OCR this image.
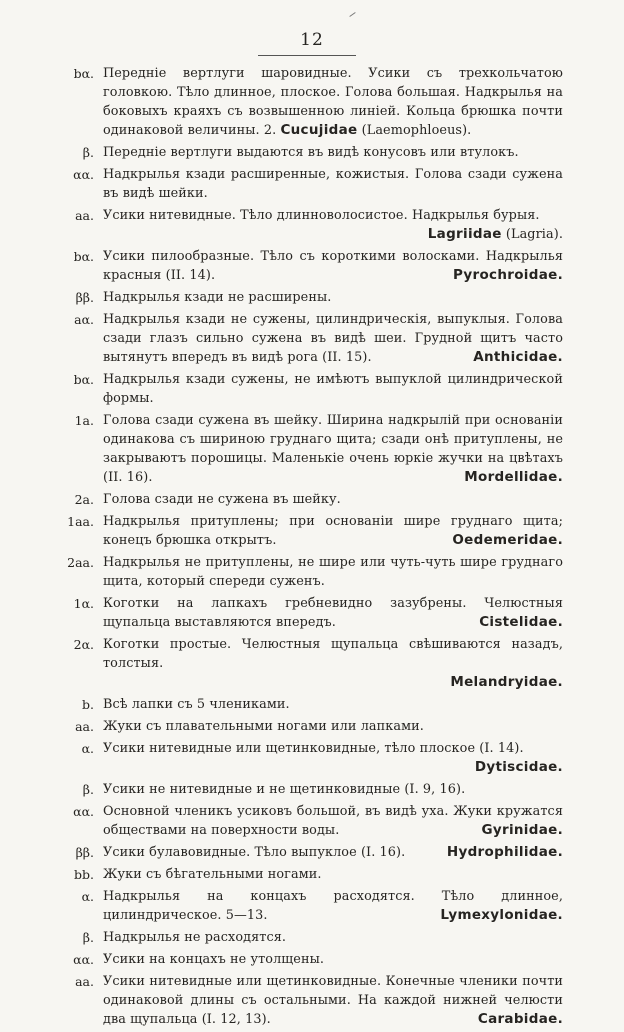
12
bα. Передніе вертлуги шаровидные. Усики съ трехкольчатою головкою. Тѣло длинное, плоское. Голова большая. Надкрылья на боковыхъ краяхъ съ возвышенною линіей. Кольца брюшка почти одинаковой величины. 2. Cucujidae (Laemophloeus).
β. Передніе вертлуги выдаются въ видѣ конусовъ или втулокъ.
αα. Надкрылья кзади расширенные, кожистыя. Голова сзади сужена въ видѣ шейки.
aa. Усики нитевидные. Тѣло длинноволосистое. Надкрылья бурыя.
Lagriidae (Lagria).
bα. Усики пилообразные. Тѣло съ короткими волосками. Надкрылья красныя (II. 14).	Pyrochroidae.
ββ. Надкрылья кзади не расширены.
aα. Надкрылья кзади не сужены, цилиндрическія, выпуклыя. Голова сзади глазъ сильно сужена въ видѣ шеи. Грудной щитъ часто вытянутъ впередъ въ видѣ рога (II. 15).	Anthicidae.
bα. Надкрылья кзади сужены, не имѣютъ выпуклой цилиндрической формы.
1a. Голова сзади сужена въ шейку. Ширина надкрылій при основаніи одинакова съ шириною груднаго щита; сзади онѣ притуплены, не закрываютъ порошицы. Маленькіе очень юркіе жучки на цвѣтахъ (II. 16).	Mordellidae.
2a. Голова сзади не сужена въ шейку.
1aa. Надкрылья притуплены; при основаніи шире груднаго щита; конецъ брюшка открытъ.	Oedemeridae.
2aa. Надкрылья не притуплены, не шире или чуть-чуть шире груднаго щита, который спереди суженъ.
1α. Коготки на лапкахъ гребневидно зазубрены. Челюстныя щупальца выставляются впередъ.	Cistelidae.
2α. Коготки простые. Челюстныя щупальца свѣшиваются назадъ, толстыя.
Melandryidae.
b. Всѣ лапки съ 5 члениками.
aa. Жуки съ плавательными ногами или лапками.
α. Усики нитевидные или щетинковидные, тѣло плоское (I. 14).
Dytiscidae.
β. Усики не нитевидные и не щетинковидные (I. 9, 16).
αα. Основной членикъ усиковъ большой, въ видѣ уха. Жуки кружатся обществами на поверхности воды.	Gyrinidae.
ββ. Усики булавовидные. Тѣло выпуклое (I. 16).	Hydrophilidae.
bb. Жуки съ бѣгательными ногами.
α. Надкрылья на концахъ расходятся. Тѣло длинное, цилиндрическое. 5—13.	Lymexylonidae.
β. Надкрылья не расходятся.
αα. Усики на концахъ не утолщены.
aa. Усики нитевидные или щетинковидные. Конечные членики почти одинаковой длины съ остальными. На каждой нижней челюсти два щупальца (I. 12, 13).	Carabidae.
